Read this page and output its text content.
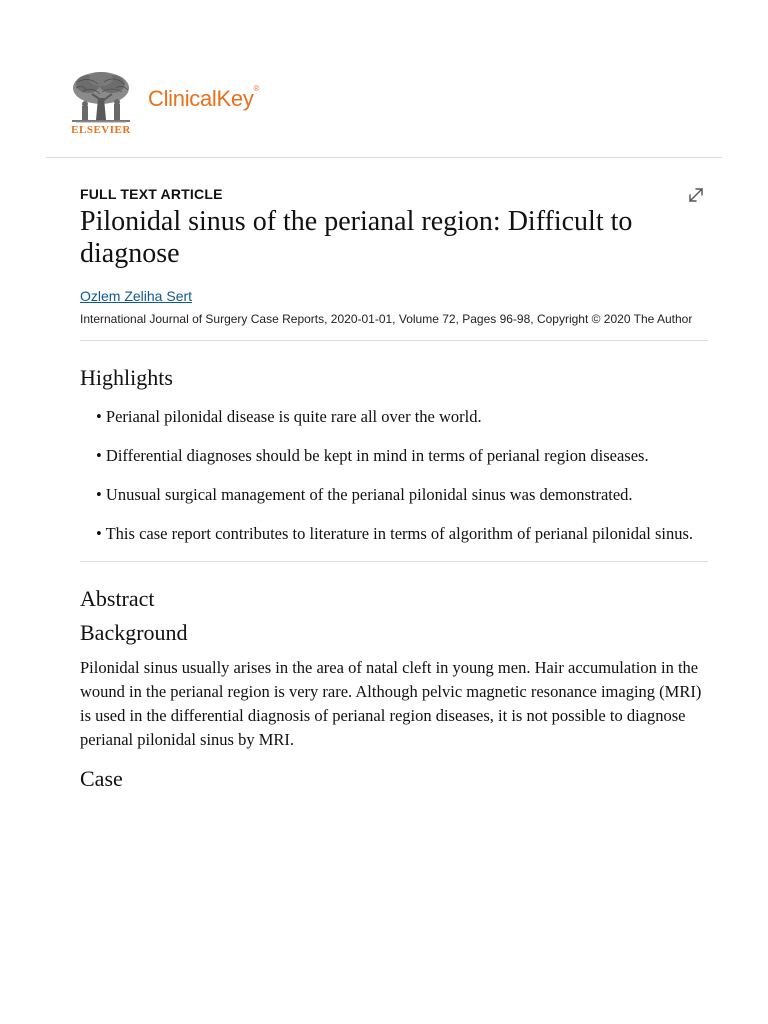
ELSEVIER
ClinicalKey®

FULL TEXT ARTICLE

Pilonidal sinus of the perianal region: Difficult to diagnose
Ozlem Zeliha Sert

International Journal of Surgery Case Reports, 2020-01-01, Volume 72, Pages 96-98, Copyright © 2020 The Author

Highlights
• Perianal pilonidal disease is quite rare all over the world.
• Differential diagnoses should be kept in mind in terms of perianal region diseases.
• Unusual surgical management of the perianal pilonidal sinus was demonstrated.
• This case report contributes to literature in terms of algorithm of perianal pilonidal sinus.
Abstract
Background

Pilonidal sinus usually arises in the area of natal cleft in young men. Hair accumulation in the wound in the perianal region is very rare. Although pelvic magnetic resonance imaging (MRI) is used in the differential diagnosis of perianal region diseases, it is not possible to diagnose perianal pilonidal sinus by MRI.

Case
